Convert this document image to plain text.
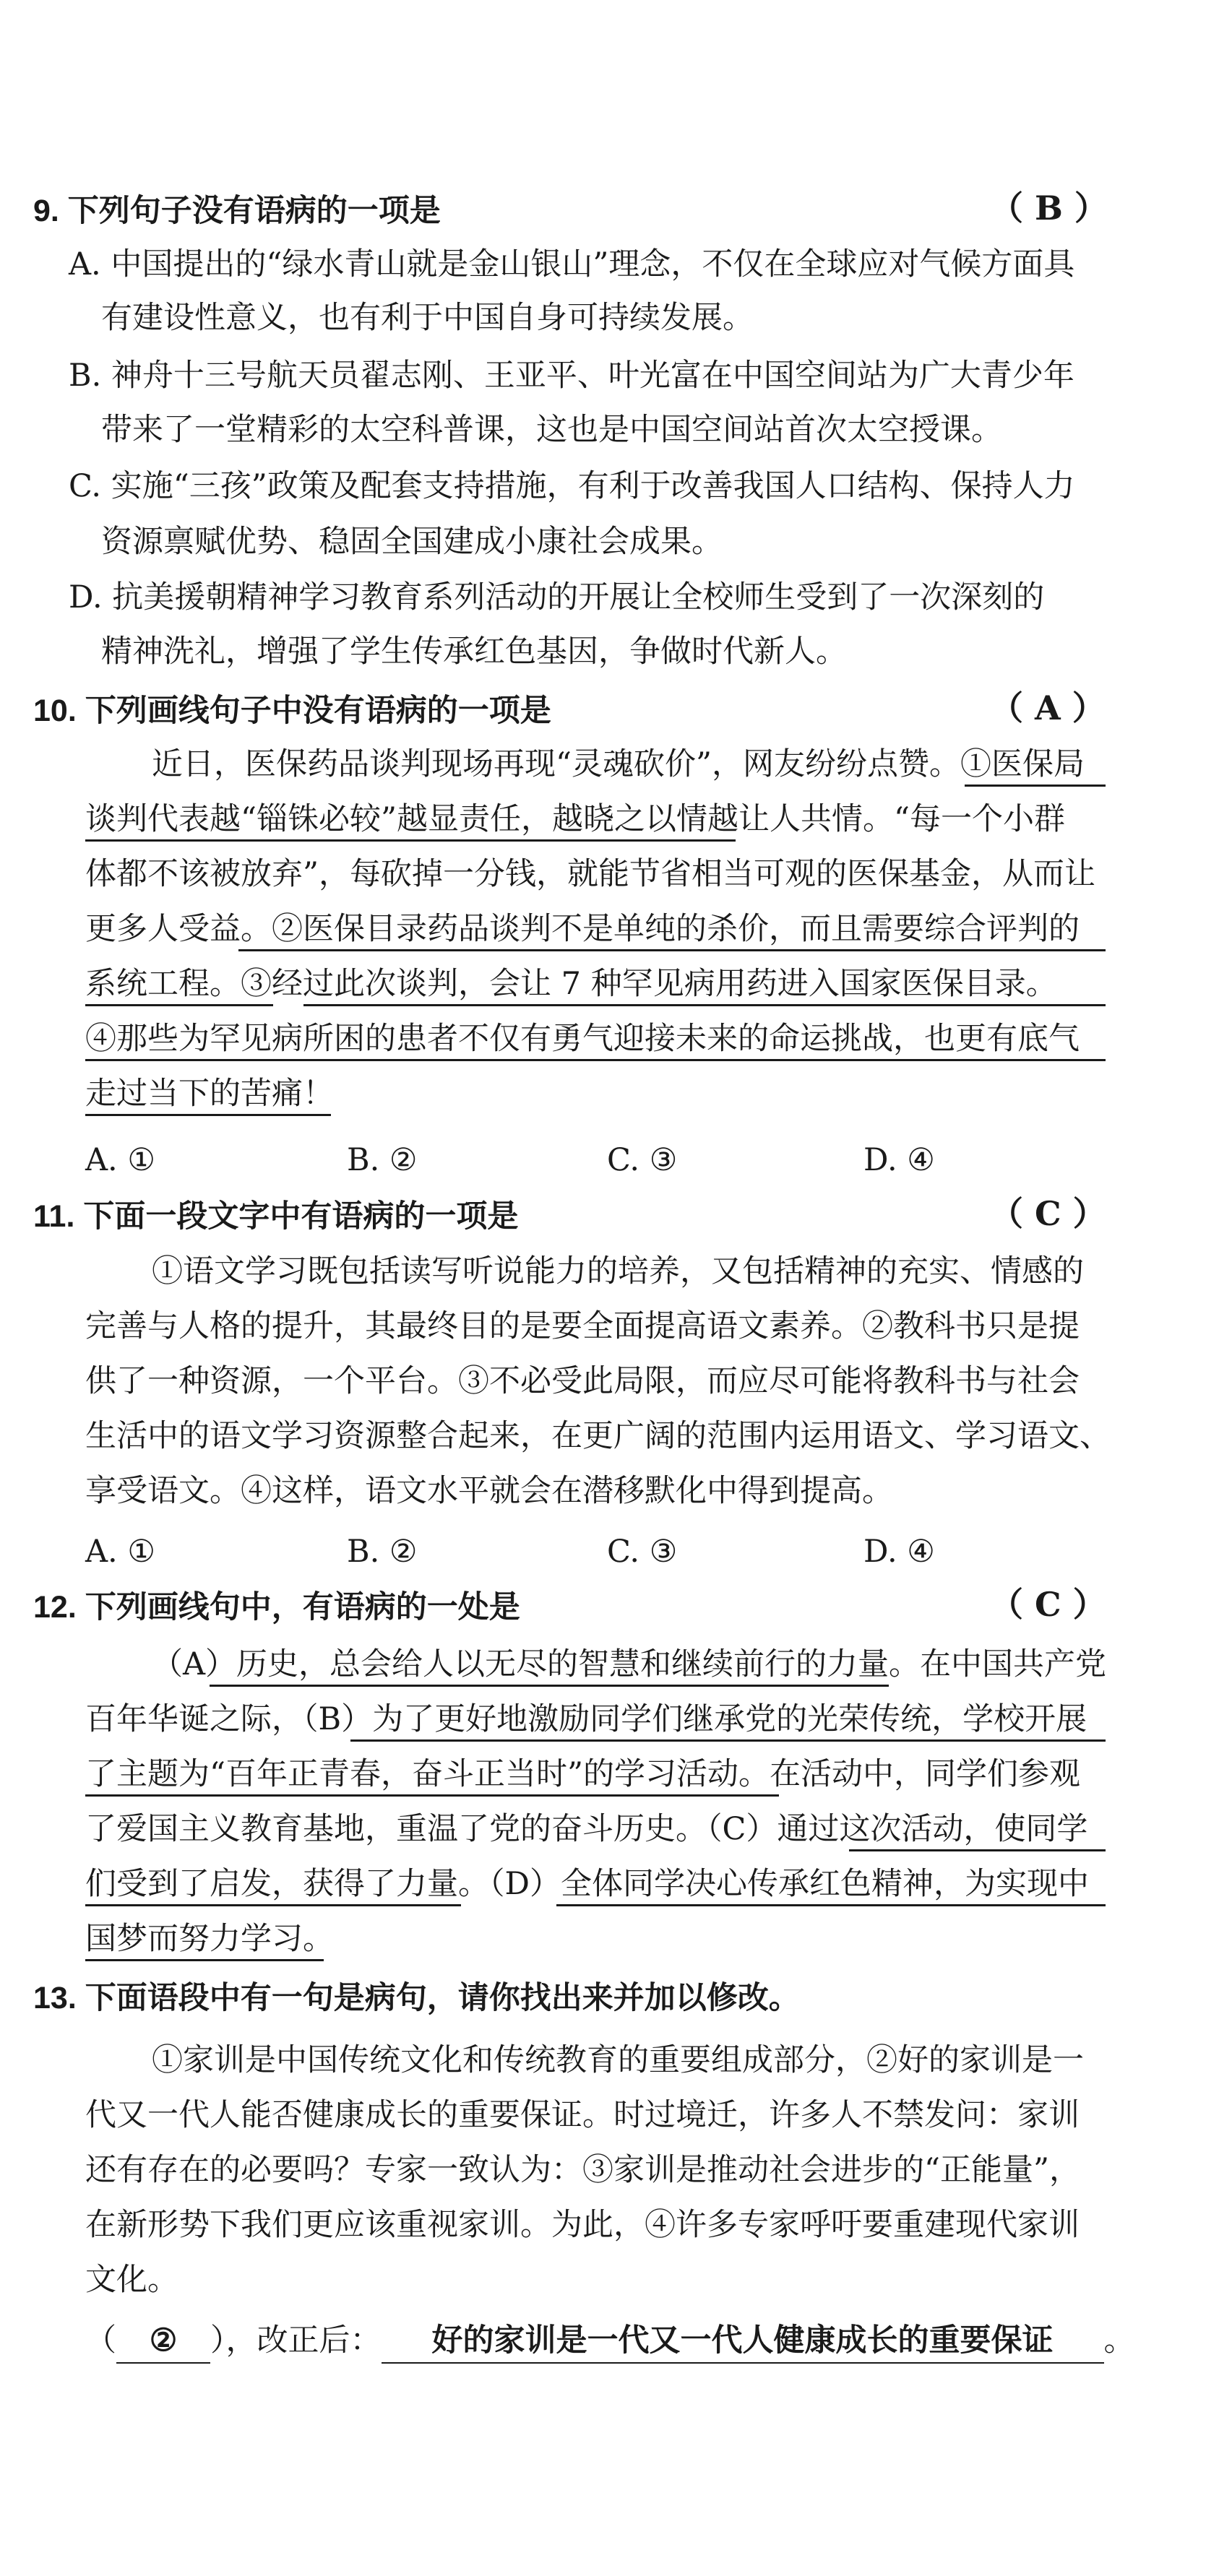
9. 下列句子没有语病的一项是	（ B ）
A. 中国提出的“绿水青山就是金山银山”理念，不仅在全球应对气候方面具
有建设性意义，也有利于中国自身可持续发展。
B. 神舟十三号航天员翟志刚、王亚平、叶光富在中国空间站为广大青少年
带来了一堂精彩的太空科普课，这也是中国空间站首次太空授课。
C. 实施“三孩”政策及配套支持措施，有利于改善我国人口结构、保持人力
资源禀赋优势、稳固全国建成小康社会成果。
D. 抗美援朝精神学习教育系列活动的开展让全校师生受到了一次深刻的
精神洗礼，增强了学生传承红色基因，争做时代新人。
10. 下列画线句子中没有语病的一项是	（ A ）
近日，医保药品谈判现场再现“灵魂砍价”，网友纷纷点赞。①医保局
谈判代表越“锱铢必较”越显责任，越晓之以情越让人共情。“每一个小群
体都不该被放弃”，每砍掉一分钱，就能节省相当可观的医保基金，从而让
更多人受益。②医保目录药品谈判不是单纯的杀价，而且需要综合评判的
系统工程。③经过此次谈判，会让 7 种罕见病用药进入国家医保目录。
④那些为罕见病所困的患者不仅有勇气迎接未来的命运挑战，也更有底气
走过当下的苦痛！
A. ①	B. ②	C. ③	D. ④
11. 下面一段文字中有语病的一项是	（ C ）
①语文学习既包括读写听说能力的培养，又包括精神的充实、情感的
完善与人格的提升，其最终目的是要全面提高语文素养。②教科书只是提
供了一种资源，一个平台。③不必受此局限，而应尽可能将教科书与社会
生活中的语文学习资源整合起来，在更广阔的范围内运用语文、学习语文、
享受语文。④这样，语文水平就会在潜移默化中得到提高。
A. ①	B. ②	C. ③	D. ④
12. 下列画线句中，有语病的一处是	（ C ）
（A）历史，总会给人以无尽的智慧和继续前行的力量。在中国共产党
百年华诞之际，（B）为了更好地激励同学们继承党的光荣传统，学校开展
了主题为“百年正青春，奋斗正当时”的学习活动。在活动中，同学们参观
了爱国主义教育基地，重温了党的奋斗历史。（C）通过这次活动，使同学
们受到了启发，获得了力量。（D）全体同学决心传承红色精神，为实现中
国梦而努力学习。
13. 下面语段中有一句是病句，请你找出来并加以修改。
①家训是中国传统文化和传统教育的重要组成部分，②好的家训是一
代又一代人能否健康成长的重要保证。时过境迁，许多人不禁发问：家训
还有存在的必要吗？专家一致认为：③家训是推动社会进步的“正能量”，
在新形势下我们更应该重视家训。为此，④许多专家呼吁要重建现代家训
文化。
（ ② ），改正后： 好的家训是一代又一代人健康成长的重要保证 。
